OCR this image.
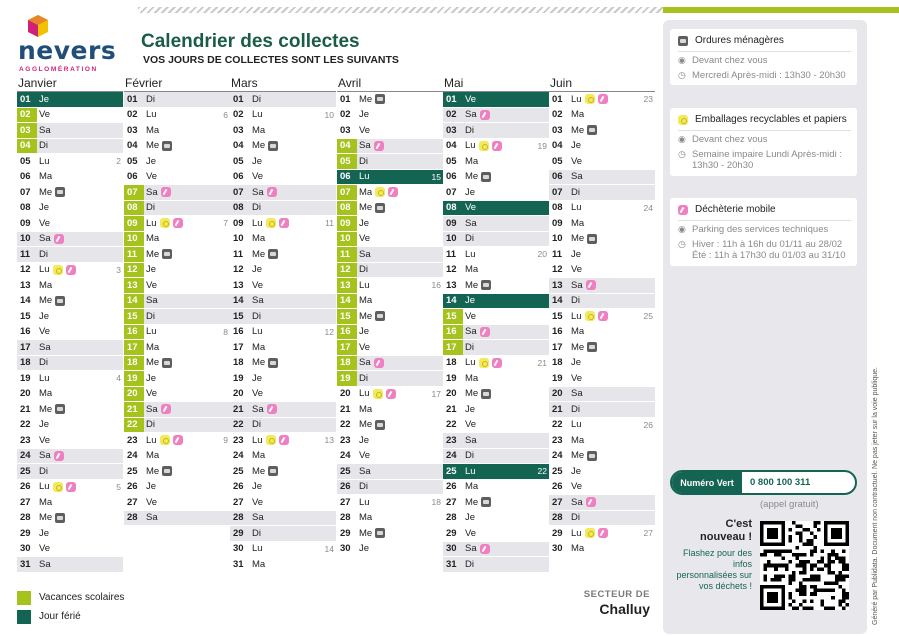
nevers
AGGLOMÉRATION
Calendrier des collectes
VOS JOURS DE COLLECTES SONT LES SUIVANTS
Janvier
01 Je
02 Ve
03 Sa
04 Di
05 Lu	2
06 Ma
07 Me
08 Je
09 Ve
10 Sa
11 Di
12 Lu	3
13 Ma
14 Me
15 Je
16 Ve
17 Sa
18 Di
19 Lu	4
20 Ma
21 Me
22 Je
23 Ve
24 Sa
25 Di
26 Lu	5
27 Ma
28 Me
29 Je
30 Ve
31 Sa
Février
01 Di
02 Lu	6
03 Ma
04 Me
05 Je
06 Ve
07 Sa
08 Di
09 Lu	7
10 Ma
11 Me
12 Je
13 Ve
14 Sa
15 Di
16 Lu	8
17 Ma
18 Me
19 Je
20 Ve
21 Sa
22 Di
23 Lu	9
24 Ma
25 Me
26 Je
27 Ve
28 Sa
Mars
01 Di
02 Lu	10
03 Ma
04 Me
05 Je
06 Ve
07 Sa
08 Di
09 Lu	11
10 Ma
11 Me
12 Je
13 Ve
14 Sa
15 Di
16 Lu	12
17 Ma
18 Me
19 Je
20 Ve
21 Sa
22 Di
23 Lu	13
24 Ma
25 Me
26 Je
27 Ve
28 Sa
29 Di
30 Lu	14
31 Ma
Avril
01 Me
02 Je
03 Ve
04 Sa
05 Di
06 Lu	15
07 Ma
08 Me
09 Je
10 Ve
11 Sa
12 Di
13 Lu	16
14 Ma
15 Me
16 Je
17 Ve
18 Sa
19 Di
20 Lu	17
21 Ma
22 Me
23 Je
24 Ve
25 Sa
26 Di
27 Lu	18
28 Ma
29 Me
30 Je
Mai
01 Ve
02 Sa
03 Di
04 Lu	19
05 Ma
06 Me
07 Je
08 Ve
09 Sa
10 Di
11 Lu	20
12 Ma
13 Me
14 Je
15 Ve
16 Sa
17 Di
18 Lu	21
19 Ma
20 Me
21 Je
22 Ve
23 Sa
24 Di
25 Lu	22
26 Ma
27 Me
28 Je
29 Ve
30 Sa
31 Di
Juin
01 Lu	23
02 Ma
03 Me
04 Je
05 Ve
06 Sa
07 Di
08 Lu	24
09 Ma
10 Me
11 Je
12 Ve
13 Sa
14 Di
15 Lu	25
16 Ma
17 Me
18 Je
19 Ve
20 Sa
21 Di
22 Lu	26
23 Ma
24 Me
25 Je
26 Ve
27 Sa
28 Di
29 Lu	27
30 Ma
Vacances scolaires
Jour férié
SECTEUR DE
Challuy
Ordures ménagères
◉ Devant chez vous
◷ Mercredi Après-midi : 13h30 - 20h30
Emballages recyclables et papiers
◉ Devant chez vous
◷ Semaine impaire Lundi Après-midi : 13h30 - 20h30
Déchèterie mobile
◉ Parking des services techniques
◷ Hiver : 11h à 16h du 01/11 au 28/02 Été : 11h à 17h30 du 01/03 au 31/10
Numéro Vert	0 800 100 311
(appel gratuit)
C'est
nouveau !
Flashez pour des infos personnalisées sur vos déchets !	Généré par Publidata. Document non contractuel. Ne pas jeter sur la voie publique.
